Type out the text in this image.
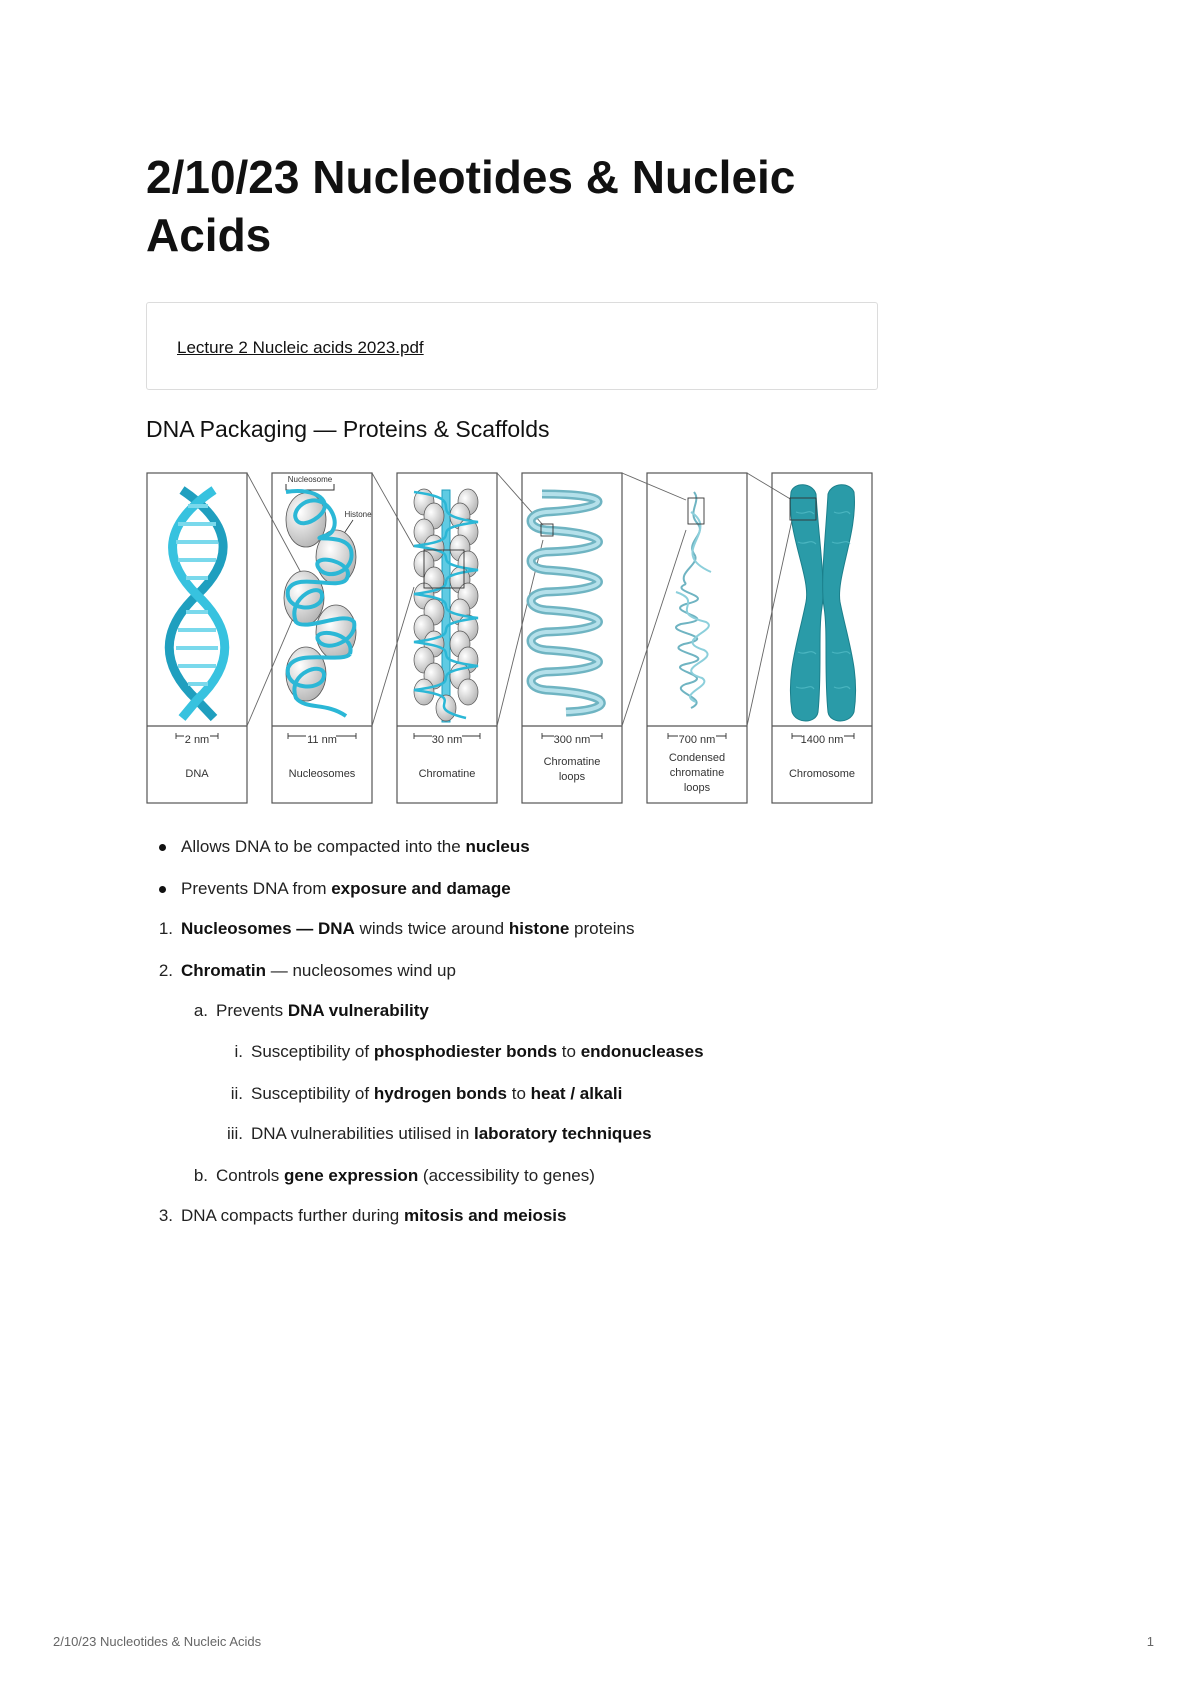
2/10/23 Nucleotides & Nucleic Acids
Lecture 2 Nucleic acids 2023.pdf
DNA Packaging — Proteins & Scaffolds
Nucleosome
Histone
2 nm	11 nm	30 nm	300 nm	700 nm	1400 nm
DNA	Nucleosomes	Chromatine
Chromatine
loops
Condensed
chromatine
loops
Chromosome
Allows DNA to be compacted into the nucleus
Prevents DNA from exposure and damage
1. Nucleosomes — DNA winds twice around histone proteins
2. Chromatin — nucleosomes wind up
a. Prevents DNA vulnerability
i. Susceptibility of phosphodiester bonds to endonucleases
ii. Susceptibility of hydrogen bonds to heat / alkali
iii. DNA vulnerabilities utilised in laboratory techniques
b. Controls gene expression (accessibility to genes)
3. DNA compacts further during mitosis and meiosis
2/10/23 Nucleotides & Nucleic Acids	1
